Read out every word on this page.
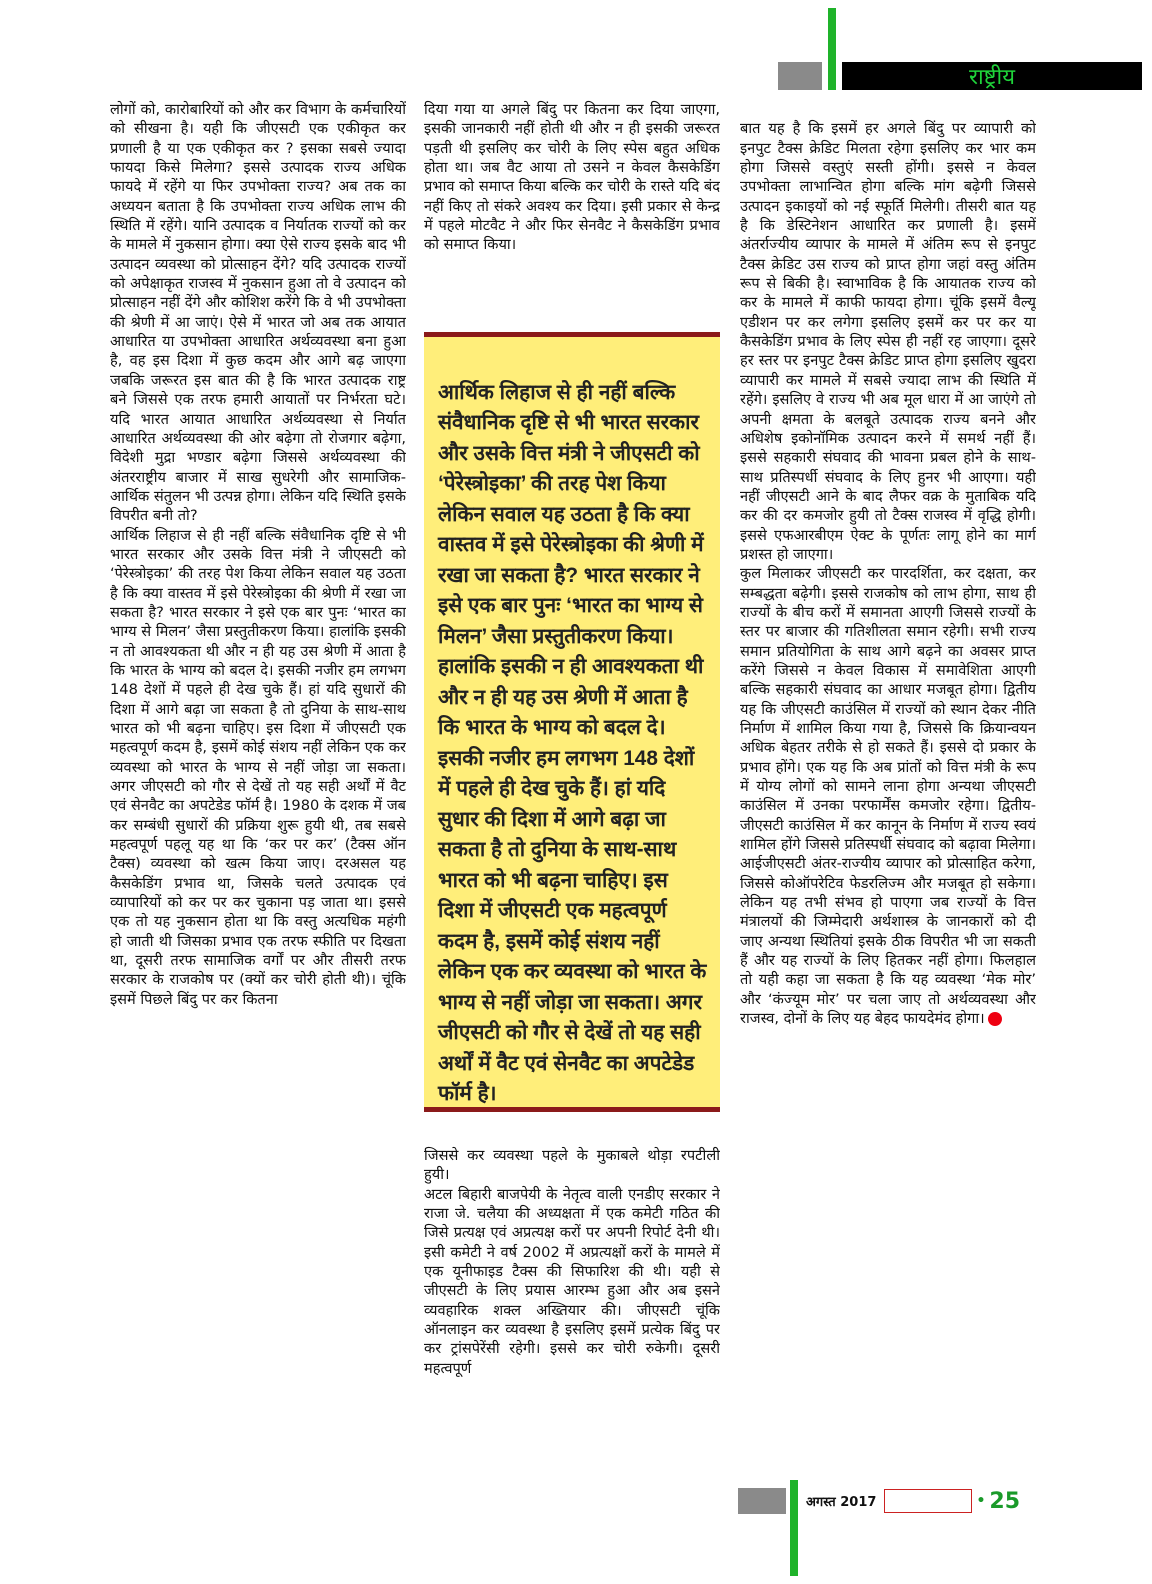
राष्ट्रीय
लोगों को, कारोबारियों को और कर विभाग के कर्मचारियों को सीखना है। यही कि जीएसटी एक एकीकृत कर प्रणाली है या एक एकीकृत कर ? इसका सबसे ज्यादा फायदा किसे मिलेगा? इससे उत्पादक राज्य अधिक फायदे में रहेंगे या फिर उपभोक्ता राज्य? अब तक का अध्ययन बताता है कि उपभोक्ता राज्य अधिक लाभ की स्थिति में रहेंगे। यानि उत्पादक व निर्यातक राज्यों को कर के मामले में नुकसान होगा। क्या ऐसे राज्य इसके बाद भी उत्पादन व्यवस्था को प्रोत्साहन देंगे? यदि उत्पादक राज्यों को अपेक्षाकृत राजस्व में नुकसान हुआ तो वे उत्पादन को प्रोत्साहन नहीं देंगे और कोशिश करेंगे कि वे भी उपभोक्ता की श्रेणी में आ जाएं। ऐसे में भारत जो अब तक आयात आधारित या उपभोक्ता आधारित अर्थव्यवस्था बना हुआ है, वह इस दिशा में कुछ कदम और आगे बढ़ जाएगा जबकि जरूरत इस बात की है कि भारत उत्पादक राष्ट्र बने जिससे एक तरफ हमारी आयातों पर निर्भरता घटे। यदि भारत आयात आधारित अर्थव्यवस्था से निर्यात आधारित अर्थव्यवस्था की ओर बढ़ेगा तो रोजगार बढ़ेगा, विदेशी मुद्रा भण्डार बढ़ेगा जिससे अर्थव्यवस्था की अंतरराष्ट्रीय बाजार में साख सुधरेगी और सामाजिक-आर्थिक संतुलन भी उत्पन्न होगा। लेकिन यदि स्थिति इसके विपरीत बनी तो?
आर्थिक लिहाज से ही नहीं बल्कि संवैधानिक दृष्टि से भी भारत सरकार और उसके वित्त मंत्री ने जीएसटी को ‘पेरेस्त्रोइका’ की तरह पेश किया लेकिन सवाल यह उठता है कि क्या वास्तव में इसे पेरेस्त्रोइका की श्रेणी में रखा जा सकता है? भारत सरकार ने इसे एक बार पुनः ‘भारत का भाग्य से मिलन’ जैसा प्रस्तुतीकरण किया। हालांकि इसकी न तो आवश्यकता थी और न ही यह उस श्रेणी में आता है कि भारत के भाग्य को बदल दे। इसकी नजीर हम लगभग 148 देशों में पहले ही देख चुके हैं। हां यदि सुधारों की दिशा में आगे बढ़ा जा सकता है तो दुनिया के साथ-साथ भारत को भी बढ़ना चाहिए। इस दिशा में जीएसटी एक महत्वपूर्ण कदम है, इसमें कोई संशय नहीं लेकिन एक कर व्यवस्था को भारत के भाग्य से नहीं जोड़ा जा सकता। अगर जीएसटी को गौर से देखें तो यह सही अर्थों में वैट एवं सेनवैट का अपटेडेड फॉर्म है। 1980 के दशक में जब कर सम्बंधी सुधारों की प्रक्रिया शुरू हुयी थी, तब सबसे महत्वपूर्ण पहलू यह था कि ‘कर पर कर’ (टैक्स ऑन टैक्स) व्यवस्था को खत्म किया जाए। दरअसल यह कैसकेडिंग प्रभाव था, जिसके चलते उत्पादक एवं व्यापारियों को कर पर कर चुकाना पड़ जाता था। इससे एक तो यह नुकसान होता था कि वस्तु अत्यधिक महंगी हो जाती थी जिसका प्रभाव एक तरफ स्फीति पर दिखता था, दूसरी तरफ सामाजिक वर्गों पर और तीसरी तरफ सरकार के राजकोष पर (क्यों कर चोरी होती थी)। चूंकि इसमें पिछले बिंदु पर कर कितना
दिया गया या अगले बिंदु पर कितना कर दिया जाएगा, इसकी जानकारी नहीं होती थी और न ही इसकी जरूरत पड़ती थी इसलिए कर चोरी के लिए स्पेस बहुत अधिक होता था। जब वैट आया तो उसने न केवल कैसकेडिंग प्रभाव को समाप्त किया बल्कि कर चोरी के रास्ते यदि बंद नहीं किए तो संकरे अवश्य कर दिया। इसी प्रकार से केन्द्र में पहले मोटवैट ने और फिर सेनवैट ने कैसकेडिंग प्रभाव को समाप्त किया।

आर्थिक लिहाज से ही नहीं बल्कि संवैधानिक दृष्टि से भी भारत सरकार और उसके वित्त मंत्री ने जीएसटी को ‘पेरेस्त्रोइका’ की तरह पेश किया लेकिन सवाल यह उठता है कि क्या वास्तव में इसे पेरेस्त्रोइका की श्रेणी में रखा जा सकता है? भारत सरकार ने इसे एक बार पुनः ‘भारत का भाग्य से मिलन’ जैसा प्रस्तुतीकरण किया। हालांकि इसकी न ही आवश्यकता थी और न ही यह उस श्रेणी में आता है कि भारत के भाग्य को बदल दे। इसकी नजीर हम लगभग 148 देशों में पहले ही देख चुके हैं। हां यदि सुधार की दिशा में आगे बढ़ा जा सकता है तो दुनिया के साथ-साथ भारत को भी बढ़ना चाहिए। इस दिशा में जीएसटी एक महत्वपूर्ण कदम है, इसमें कोई संशय नहीं लेकिन एक कर व्यवस्था को भारत के भाग्य से नहीं जोड़ा जा सकता। अगर जीएसटी को गौर से देखें तो यह सही अर्थों में वैट एवं सेनवैट का अपटेडेड फॉर्म है।

जिससे कर व्यवस्था पहले के मुकाबले थोड़ा रपटीली हुयी।
अटल बिहारी बाजपेयी के नेतृत्व वाली एनडीए सरकार ने राजा जे. चलैया की अध्यक्षता में एक कमेटी गठित की जिसे प्रत्यक्ष एवं अप्रत्यक्ष करों पर अपनी रिपोर्ट देनी थी। इसी कमेटी ने वर्ष 2002 में अप्रत्यक्षों करों के मामले में एक यूनीफाइड टैक्स की सिफारिश की थी। यही से जीएसटी के लिए प्रयास आरम्भ हुआ और अब इसने व्यवहारिक शक्ल अख्तियार की। जीएसटी चूंकि ऑनलाइन कर व्यवस्था है इसलिए इसमें प्रत्येक बिंदु पर कर ट्रांसपेरेंसी रहेगी। इससे कर चोरी रुकेगी। दूसरी महत्वपूर्ण

बात यह है कि इसमें हर अगले बिंदु पर व्यापारी को इनपुट टैक्स क्रेडिट मिलता रहेगा इसलिए कर भार कम होगा जिससे वस्तुएं सस्ती होंगी। इससे न केवल उपभोक्ता लाभान्वित होगा बल्कि मांग बढ़ेगी जिससे उत्पादन इकाइयों को नई स्फूर्ति मिलेगी। तीसरी बात यह है कि डेस्टिनेशन आधारित कर प्रणाली है। इसमें अंतर्राज्यीय व्यापार के मामले में अंतिम रूप से इनपुट टैक्स क्रेडिट उस राज्य को प्राप्त होगा जहां वस्तु अंतिम रूप से बिकी है। स्वाभाविक है कि आयातक राज्य को कर के मामले में काफी फायदा होगा। चूंकि इसमें वैल्यू एडीशन पर कर लगेगा इसलिए इसमें कर पर कर या कैसकेडिंग प्रभाव के लिए स्पेस ही नहीं रह जाएगा। दूसरे हर स्तर पर इनपुट टैक्स क्रेडिट प्राप्त होगा इसलिए खुदरा व्यापारी कर मामले में सबसे ज्यादा लाभ की स्थिति में रहेंगे। इसलिए वे राज्य भी अब मूल धारा में आ जाएंगे तो अपनी क्षमता के बलबूते उत्पादक राज्य बनने और अधिशेष इकोनॉमिक उत्पादन करने में समर्थ नहीं हैं। इससे सहकारी संघवाद की भावना प्रबल होने के साथ-साथ प्रतिस्पर्धी संघवाद के लिए हुनर भी आएगा। यही नहीं जीएसटी आने के बाद लैफर वक्र के मुताबिक यदि कर की दर कमजोर हुयी तो टैक्स राजस्व में वृद्धि होगी। इससे एफआरबीएम ऐक्ट के पूर्णतः लागू होने का मार्ग प्रशस्त हो जाएगा।
कुल मिलाकर जीएसटी कर पारदर्शिता, कर दक्षता, कर सम्बद्धता बढ़ेगी। इससे राजकोष को लाभ होगा, साथ ही राज्यों के बीच करों में समानता आएगी जिससे राज्यों के स्तर पर बाजार की गतिशीलता समान रहेगी। सभी राज्य समान प्रतियोगिता के साथ आगे बढ़ने का अवसर प्राप्त करेंगे जिससे न केवल विकास में समावेशिता आएगी बल्कि सहकारी संघवाद का आधार मजबूत होगा। द्वितीय यह कि जीएसटी काउंसिल में राज्यों को स्थान देकर नीति निर्माण में शामिल किया गया है, जिससे कि क्रियान्वयन अधिक बेहतर तरीके से हो सकते हैं। इससे दो प्रकार के प्रभाव होंगे। एक यह कि अब प्रांतों को वित्त मंत्री के रूप में योग्य लोगों को सामने लाना होगा अन्यथा जीएसटी काउंसिल में उनका परफार्मेंस कमजोर रहेगा। द्वितीय- जीएसटी काउंसिल में कर कानून के निर्माण में राज्य स्वयं शामिल होंगे जिससे प्रतिस्पर्धी संघवाद को बढ़ावा मिलेगा। आईजीएसटी अंतर-राज्यीय व्यापार को प्रोत्साहित करेगा, जिससे कोऑपरेटिव फेडरलिज्म और मजबूत हो सकेगा। लेकिन यह तभी संभव हो पाएगा जब राज्यों के वित्त मंत्रालयों की जिम्मेदारी अर्थशास्त्र के जानकारों को दी जाए अन्यथा स्थितियां इसके ठीक विपरीत भी जा सकती हैं और यह राज्यों के लिए हितकर नहीं होगा। फिलहाल तो यही कहा जा सकता है कि यह व्यवस्था ‘मेक मोर’ और ‘कंज्यूम मोर’ पर चला जाए तो अर्थव्यवस्था और राजस्व, दोनों के लिए यह बेहद फायदेमंद होगा।

अगस्त 2017	• 25
